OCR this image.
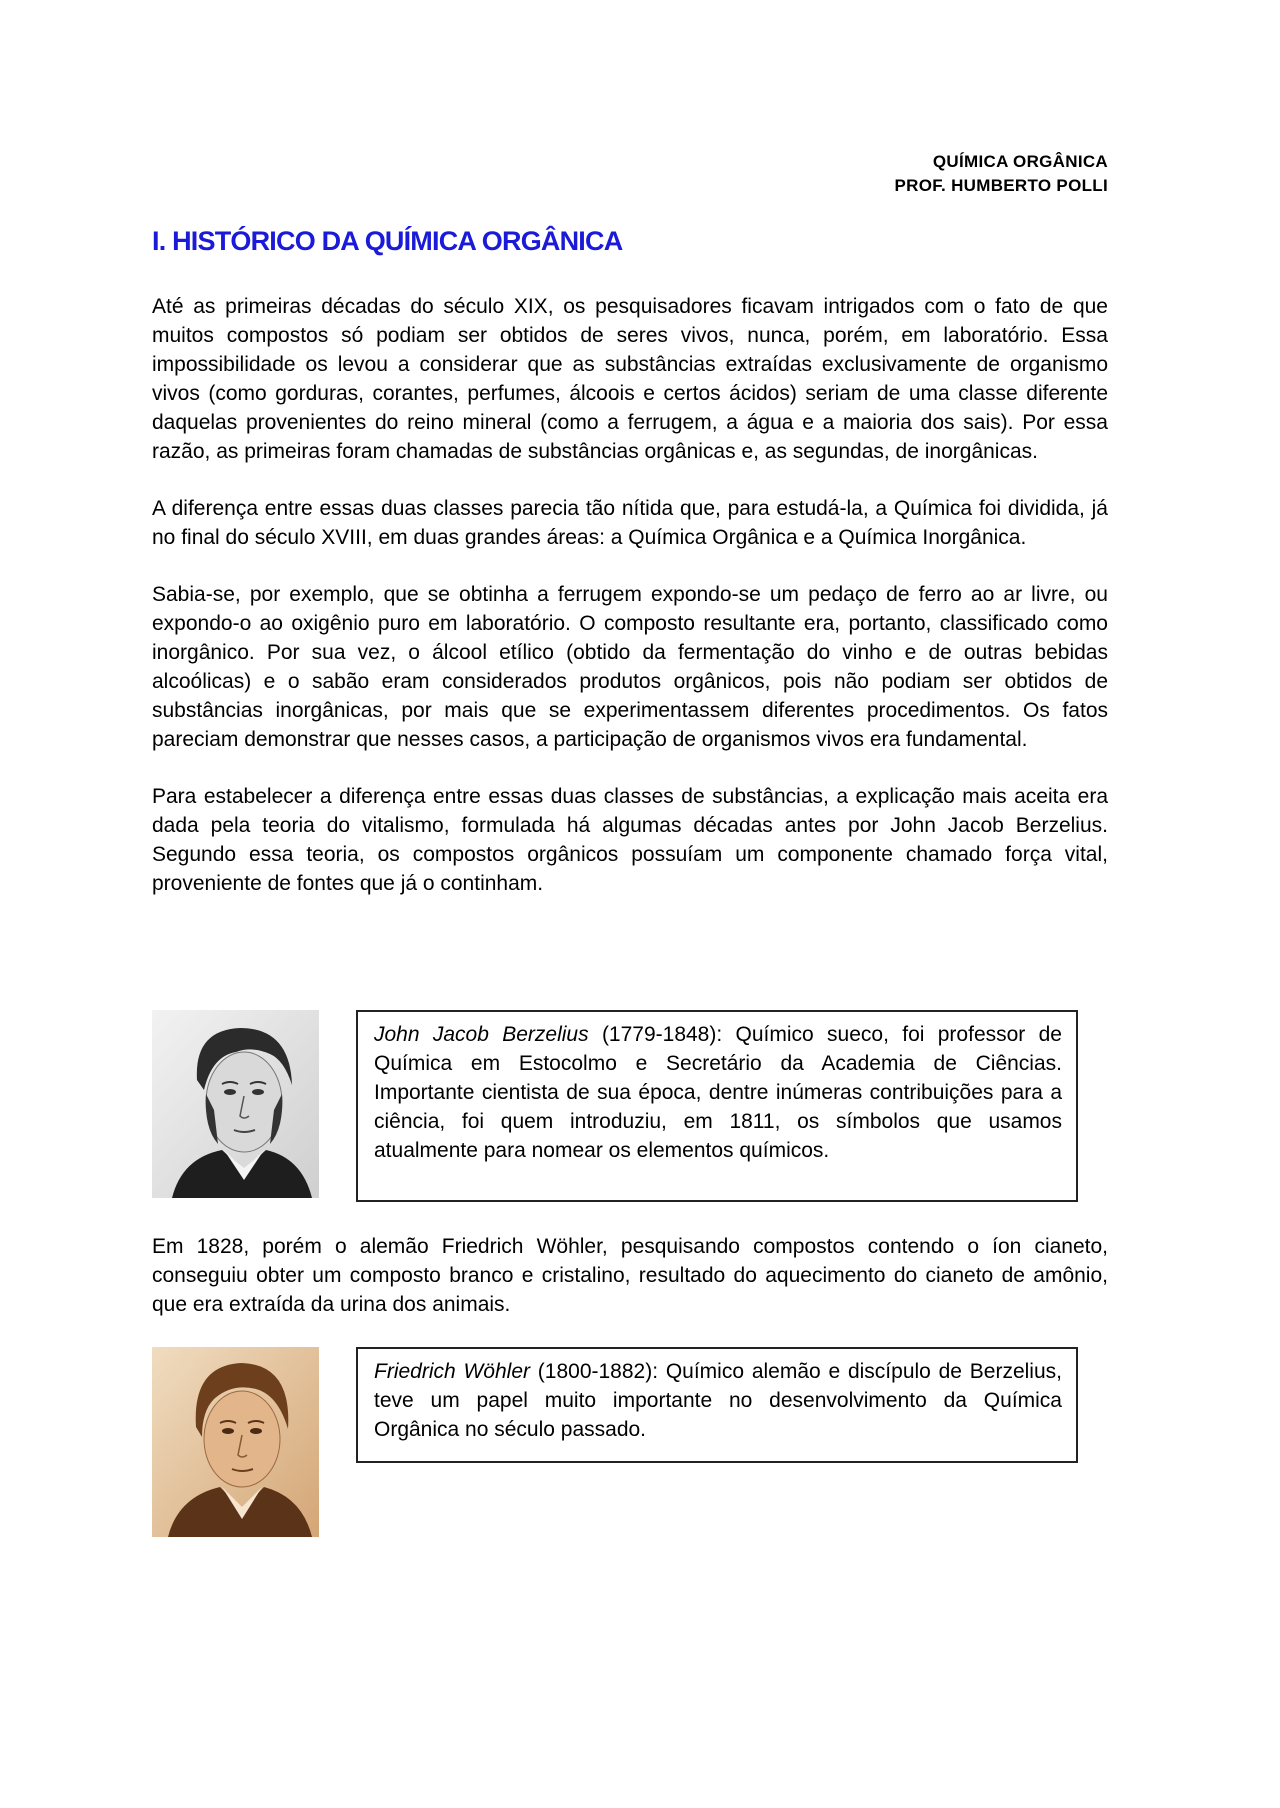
QUÍMICA ORGÂNICA
PROF. HUMBERTO POLLI
I. HISTÓRICO DA QUÍMICA ORGÂNICA

Até as primeiras décadas do século XIX, os pesquisadores ficavam intrigados com o fato de que muitos compostos só podiam ser obtidos de seres vivos, nunca, porém, em laboratório. Essa impossibilidade os levou a considerar que as substâncias extraídas exclusivamente de organismo vivos (como gorduras, corantes, perfumes, álcoois e certos ácidos) seriam de uma classe diferente daquelas provenientes do reino mineral (como a ferrugem, a água e a maioria dos sais). Por essa razão, as primeiras foram chamadas de substâncias orgânicas e, as segundas, de inorgânicas.

A diferença entre essas duas classes parecia tão nítida que, para estudá-la, a Química foi dividida, já no final do século XVIII, em duas grandes áreas: a Química Orgânica e a Química Inorgânica.

Sabia-se, por exemplo, que se obtinha a ferrugem expondo-se um pedaço de ferro ao ar livre, ou expondo-o ao oxigênio puro em laboratório. O composto resultante era, portanto, classificado como inorgânico. Por sua vez, o álcool etílico (obtido da fermentação do vinho e de outras bebidas alcoólicas) e o sabão eram considerados produtos orgânicos, pois não podiam ser obtidos de substâncias inorgânicas, por mais que se experimentassem diferentes procedimentos. Os fatos pareciam demonstrar que nesses casos, a participação de organismos vivos era fundamental.

Para estabelecer a diferença entre essas duas classes de substâncias, a explicação mais aceita era dada pela teoria do vitalismo, formulada há algumas décadas antes por John Jacob Berzelius. Segundo essa teoria, os compostos orgânicos possuíam um componente chamado força vital, proveniente de fontes que já o continham.

John Jacob Berzelius (1779-1848): Químico sueco, foi professor de Química em Estocolmo e Secretário da Academia de Ciências. Importante cientista de sua época, dentre inúmeras contribuições para a ciência, foi quem introduziu, em 1811, os símbolos que usamos atualmente para nomear os elementos químicos.

Em 1828, porém o alemão Friedrich Wöhler, pesquisando compostos contendo o íon cianeto, conseguiu obter um composto branco e cristalino, resultado do aquecimento do cianeto de amônio, que era extraída da urina dos animais.

Friedrich Wöhler (1800-1882): Químico alemão e discípulo de Berzelius, teve um papel muito importante no desenvolvimento da Química Orgânica no século passado.
